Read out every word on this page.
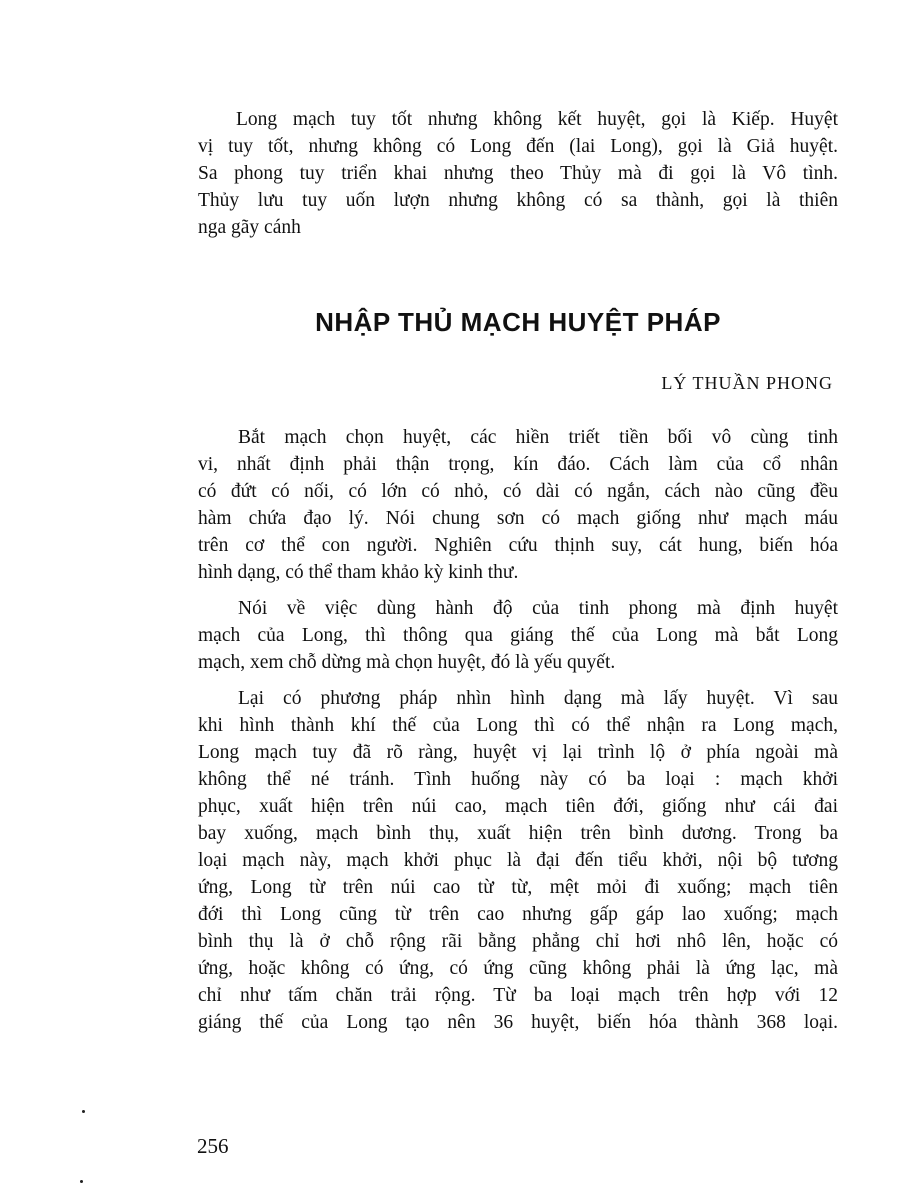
Long mạch tuy tốt nhưng không kết huyệt, gọi là Kiếp. Huyệt
vị tuy tốt, nhưng không có Long đến (lai Long), gọi là Giả huyệt.
Sa phong tuy triển khai nhưng theo Thủy mà đi gọi là Vô tình.
Thủy lưu tuy uốn lượn nhưng không có sa thành, gọi là thiên
nga gãy cánh
NHẬP THỦ MẠCH HUYỆT PHÁP
LÝ THUẦN PHONG
Bắt mạch chọn huyệt, các hiền triết tiền bối vô cùng tinh
vi, nhất định phải thận trọng, kín đáo. Cách làm của cổ nhân
có đứt có nối, có lớn có nhỏ, có dài có ngắn, cách nào cũng đều
hàm chứa đạo lý. Nói chung sơn có mạch giống như mạch máu
trên cơ thể con người. Nghiên cứu thịnh suy, cát hung, biến hóa
hình dạng, có thể tham khảo kỳ kinh thư.
Nói về việc dùng hành độ của tinh phong mà định huyệt
mạch của Long, thì thông qua giáng thế của Long mà bắt Long
mạch, xem chỗ dừng mà chọn huyệt, đó là yếu quyết.
Lại có phương pháp nhìn hình dạng mà lấy huyệt. Vì sau
khi hình thành khí thế của Long thì có thể nhận ra Long mạch,
Long mạch tuy đã rõ ràng, huyệt vị lại trình lộ ở phía ngoài mà
không thể né tránh. Tình huống này có ba loại : mạch khởi
phục, xuất hiện trên núi cao, mạch tiên đới, giống như cái đai
bay xuống, mạch bình thụ, xuất hiện trên bình dương. Trong ba
loại mạch này, mạch khởi phục là đại đến tiểu khởi, nội bộ tương
ứng, Long từ trên núi cao từ từ, mệt mỏi đi xuống; mạch tiên
đới thì Long cũng từ trên cao nhưng gấp gáp lao xuống; mạch
bình thụ là ở chỗ rộng rãi bằng phẳng chỉ hơi nhô lên, hoặc có
ứng, hoặc không có ứng, có ứng cũng không phải là ứng lạc, mà
chỉ như tấm chăn trải rộng. Từ ba loại mạch trên hợp với 12
giáng thế của Long tạo nên 36 huyệt, biến hóa thành 368 loại.
256
